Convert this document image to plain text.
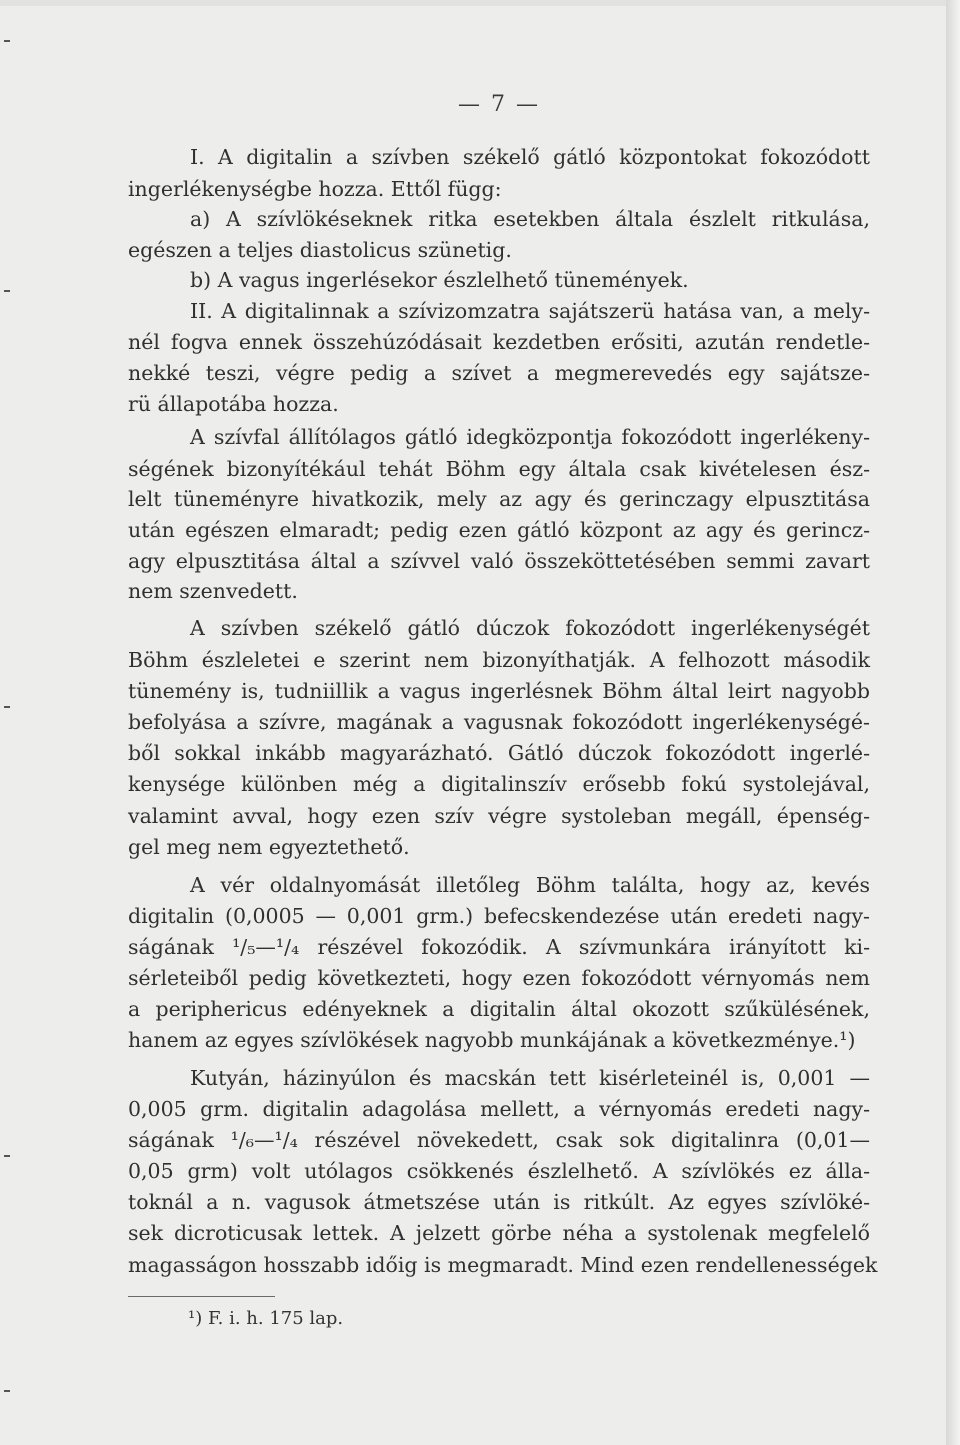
— 7 —
I. A digitalin a szívben székelő gátló központokat fokozódott
ingerlékenységbe hozza. Ettől függ:
a) A szívlökéseknek ritka esetekben általa észlelt ritkulása,
egészen a teljes diastolicus szünetig.
b) A vagus ingerlésekor észlelhető tünemények.
II. A digitalinnak a szívizomzatra sajátszerü hatása van, a mely-
nél fogva ennek összehúzódásait kezdetben erősiti, azután rendetle-
nekké teszi, végre pedig a szívet a megmerevedés egy sajátsze-
rü állapotába hozza.
A szívfal állítólagos gátló idegközpontja fokozódott ingerlékeny-
ségének bizonyítékául tehát Böhm egy általa csak kivételesen ész-
lelt tüneményre hivatkozik, mely az agy és gerinczagy elpusztitása
után egészen elmaradt; pedig ezen gátló központ az agy és gerincz-
agy elpusztitása által a szívvel való összeköttetésében semmi zavart
nem szenvedett.
A szívben székelő gátló dúczok fokozódott ingerlékenységét
Böhm észleletei e szerint nem bizonyíthatják. A felhozott második
tünemény is, tudniillik a vagus ingerlésnek Böhm által leirt nagyobb
befolyása a szívre, magának a vagusnak fokozódott ingerlékenységé-
ből sokkal inkább magyarázható. Gátló dúczok fokozódott ingerlé-
kenysége különben még a digitalinszív erősebb fokú systolejával,
valamint avval, hogy ezen szív végre systoleban megáll, épenség-
gel meg nem egyeztethető.
A vér oldalnyomását illetőleg Böhm találta, hogy az, kevés
digitalin (0,0005 — 0,001 grm.) befecskendezése után eredeti nagy-
ságának ¹/₅—¹/₄ részével fokozódik. A szívmunkára irányított ki-
sérleteiből pedig következteti, hogy ezen fokozódott vérnyomás nem
a periphericus edényeknek a digitalin által okozott szűkülésének,
hanem az egyes szívlökések nagyobb munkájának a következménye.¹)
Kutyán, házinyúlon és macskán tett kisérleteinél is, 0,001 —
0,005 grm. digitalin adagolása mellett, a vérnyomás eredeti nagy-
ságának ¹/₆—¹/₄ részével növekedett, csak sok digitalinra (0,01—
0,05 grm) volt utólagos csökkenés észlelhető. A szívlökés ez álla-
toknál a n. vagusok átmetszése után is ritkúlt. Az egyes szívlöké-
sek dicroticusak lettek. A jelzett görbe néha a systolenak megfelelő
magasságon hosszabb időig is megmaradt. Mind ezen rendellenességek
¹) F. i. h. 175 lap.
